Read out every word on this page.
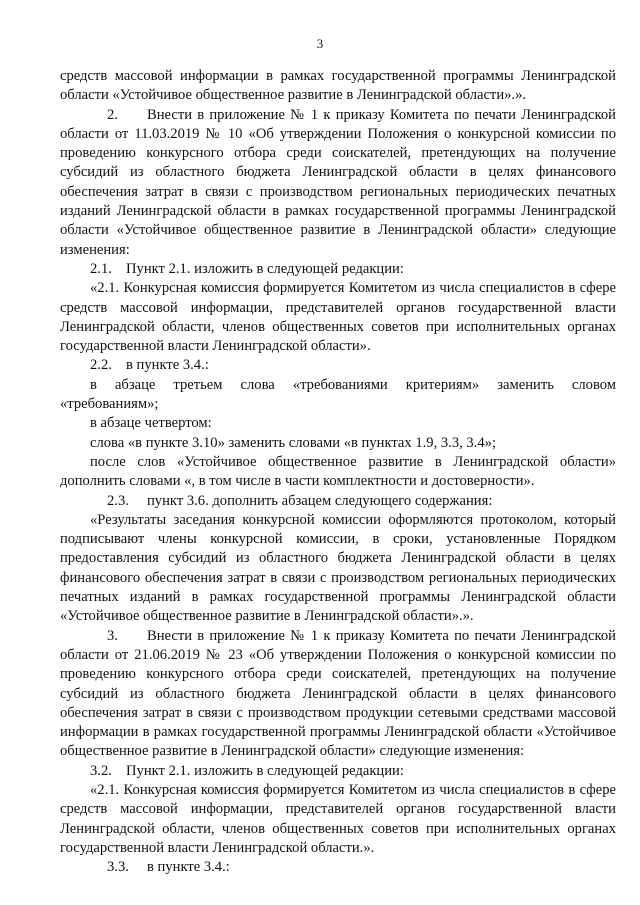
3

средств массовой информации в рамках государственной программы Ленинградской области «Устойчивое общественное развитие в Ленинградской области».».

2. Внести в приложение № 1 к приказу Комитета по печати Ленинградской области от 11.03.2019 № 10 «Об утверждении Положения о конкурсной комиссии по проведению конкурсного отбора среди соискателей, претендующих на получение субсидий из областного бюджета Ленинградской области в целях финансового обеспечения затрат в связи с производством региональных периодических печатных изданий Ленинградской области в рамках государственной программы Ленинградской области «Устойчивое общественное развитие в Ленинградской области» следующие изменения:

2.1. Пункт 2.1. изложить в следующей редакции:

«2.1. Конкурсная комиссия формируется Комитетом из числа специалистов в сфере средств массовой информации, представителей органов государственной власти Ленинградской области, членов общественных советов при исполнительных органах государственной власти Ленинградской области».

2.2. в пункте 3.4.:

в абзаце третьем слова «требованиями критериям» заменить словом «требованиям»;

в абзаце четвертом:

слова «в пункте 3.10» заменить словами «в пунктах 1.9, 3.3, 3.4»;

после слов «Устойчивое общественное развитие в Ленинградской области» дополнить словами «, в том числе в части комплектности и достоверности».

2.3. пункт 3.6. дополнить абзацем следующего содержания:

«Результаты заседания конкурсной комиссии оформляются протоколом, который подписывают члены конкурсной комиссии, в сроки, установленные Порядком предоставления субсидий из областного бюджета Ленинградской области в целях финансового обеспечения затрат в связи с производством региональных периодических печатных изданий в рамках государственной программы Ленинградской области «Устойчивое общественное развитие в Ленинградской области».».

3. Внести в приложение № 1 к приказу Комитета по печати Ленинградской области от 21.06.2019 № 23 «Об утверждении Положения о конкурсной комиссии по проведению конкурсного отбора среди соискателей, претендующих на получение субсидий из областного бюджета Ленинградской области в целях финансового обеспечения затрат в связи с производством продукции сетевыми средствами массовой информации в рамках государственной программы Ленинградской области «Устойчивое общественное развитие в Ленинградской области» следующие изменения:

3.2. Пункт 2.1. изложить в следующей редакции:

«2.1. Конкурсная комиссия формируется Комитетом из числа специалистов в сфере средств массовой информации, представителей органов государственной власти Ленинградской области, членов общественных советов при исполнительных органах государственной власти Ленинградской области.».

3.3. в пункте 3.4.:
